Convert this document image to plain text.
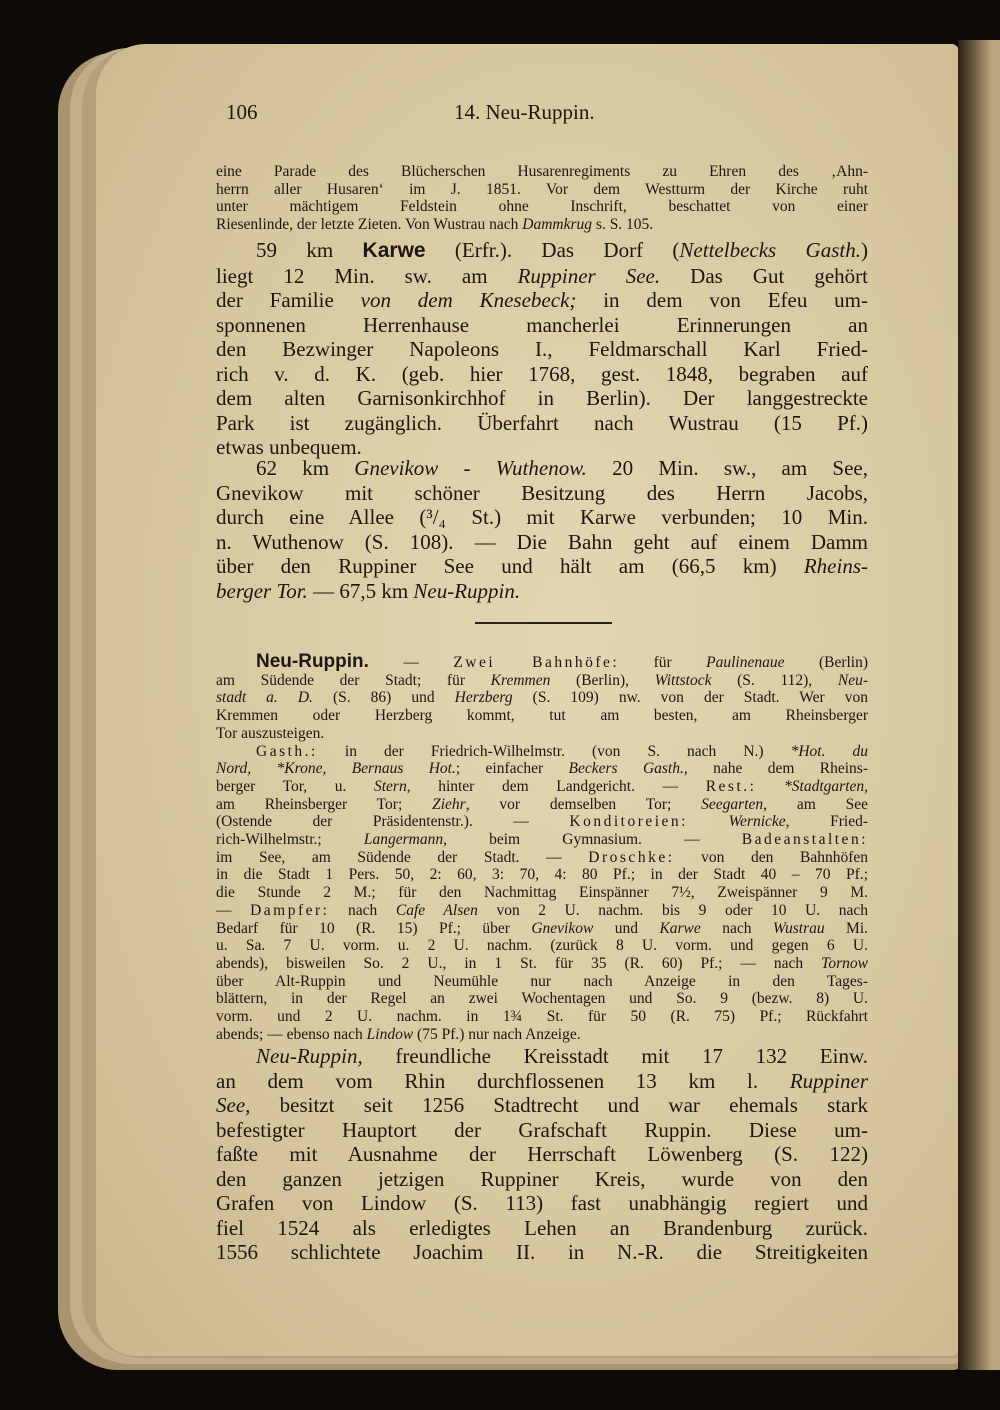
106	14. Neu-Ruppin.
eine Parade des Blücherschen Husarenregiments zu Ehren des ‚Ahn-
herrn aller Husaren‘ im J. 1851. Vor dem Westturm der Kirche ruht
unter mächtigem Feldstein ohne Inschrift, beschattet von einer
Riesenlinde, der letzte Zieten. Von Wustrau nach Dammkrug s. S. 105.
59 km Karwe (Erfr.). Das Dorf (Nettelbecks Gasth.)
liegt 12 Min. sw. am Ruppiner See. Das Gut gehört
der Familie von dem Knesebeck; in dem von Efeu um-
sponnenen Herrenhause mancherlei Erinnerungen an
den Bezwinger Napoleons I., Feldmarschall Karl Fried-
rich v. d. K. (geb. hier 1768, gest. 1848, begraben auf
dem alten Garnisonkirchhof in Berlin). Der langgestreckte
Park ist zugänglich. Überfahrt nach Wustrau (15 Pf.)
etwas unbequem.
62 km Gnevikow - Wuthenow. 20 Min. sw., am See,
Gnevikow mit schöner Besitzung des Herrn Jacobs,
durch eine Allee (³/₄ St.) mit Karwe verbunden; 10 Min.
n. Wuthenow (S. 108). — Die Bahn geht auf einem Damm
über den Ruppiner See und hält am (66,5 km) Rheins-
berger Tor. — 67,5 km Neu-Ruppin.
Neu-Ruppin. — Zwei Bahnhöfe: für Paulinenaue (Berlin)
am Südende der Stadt; für Kremmen (Berlin), Wittstock (S. 112), Neu-
stadt a. D. (S. 86) und Herzberg (S. 109) nw. von der Stadt. Wer von
Kremmen oder Herzberg kommt, tut am besten, am Rheinsberger
Tor auszusteigen.
Gasth.: in der Friedrich-Wilhelmstr. (von S. nach N.) *Hot. du
Nord, *Krone, Bernaus Hot.; einfacher Beckers Gasth., nahe dem Rheins-
berger Tor, u. Stern, hinter dem Landgericht. — Rest.: *Stadtgarten,
am Rheinsberger Tor; Ziehr, vor demselben Tor; Seegarten, am See
(Ostende der Präsidentenstr.). — Konditoreien:	Wernicke, Fried-
rich-Wilhelmstr.; Langermann, beim Gymnasium. — Badeanstalten:
im See, am Südende der Stadt. — Droschke: von den Bahnhöfen
in die Stadt 1 Pers. 50, 2: 60, 3: 70, 4: 80 Pf.; in der Stadt 40 – 70 Pf.;
die Stunde 2 M.; für den Nachmittag Einspänner 7½, Zweispänner 9 M.
— Dampfer: nach Cafe Alsen von 2 U. nachm. bis 9 oder 10 U. nach
Bedarf für 10 (R. 15) Pf.; über Gnevikow und Karwe nach Wustrau Mi.
u. Sa. 7 U. vorm. u. 2 U. nachm. (zurück 8 U. vorm. und gegen 6 U.
abends), bisweilen So. 2 U., in 1 St. für 35 (R. 60) Pf.; — nach Tornow
über Alt-Ruppin und Neumühle nur nach Anzeige in den Tages-
blättern, in der Regel an zwei Wochentagen und So. 9 (bezw. 8) U.
vorm. und 2 U. nachm. in 1¾ St. für 50 (R. 75) Pf.; Rückfahrt
abends; — ebenso nach Lindow (75 Pf.) nur nach Anzeige.
Neu-Ruppin, freundliche Kreisstadt mit 17 132 Einw.
an dem vom Rhin durchflossenen 13 km l. Ruppiner
See, besitzt seit 1256 Stadtrecht und war ehemals stark
befestigter Hauptort der Grafschaft Ruppin. Diese um-
faßte mit Ausnahme der Herrschaft Löwenberg (S. 122)
den ganzen jetzigen Ruppiner Kreis, wurde von den
Grafen von Lindow (S. 113) fast unabhängig regiert und
fiel 1524 als erledigtes Lehen an Brandenburg zurück.
1556 schlichtete Joachim II. in N.-R. die Streitigkeiten
